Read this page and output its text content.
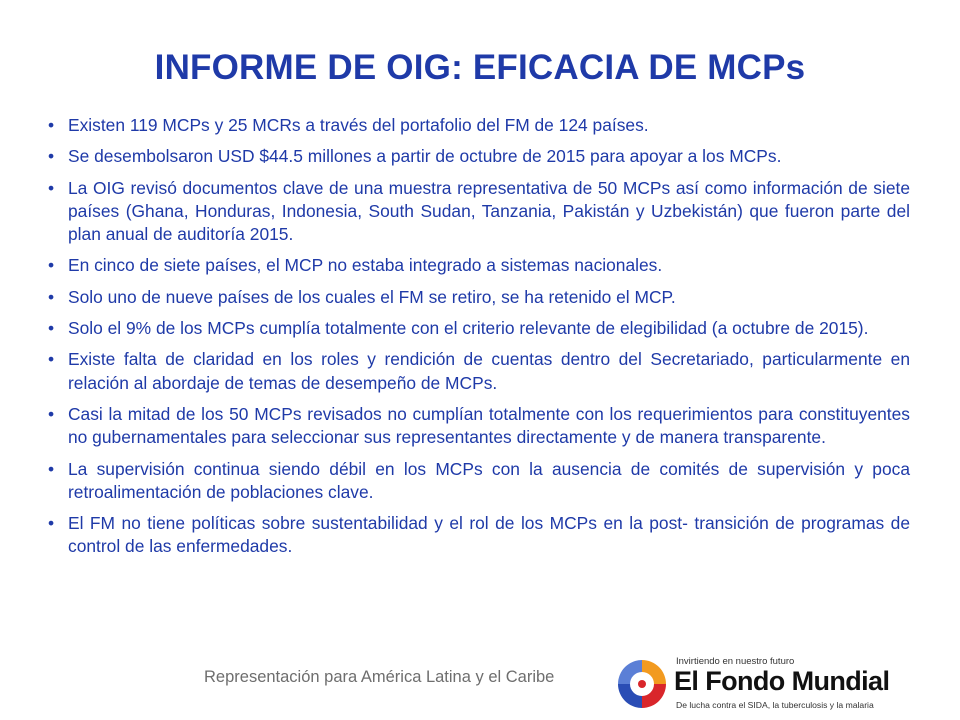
INFORME DE OIG: EFICACIA DE MCPs
• Existen 119 MCPs y 25 MCRs a través del portafolio del FM de 124 países.
• Se desembolsaron USD $44.5 millones a partir de octubre de 2015 para apoyar a los MCPs.
• La OIG revisó documentos clave de una muestra representativa de 50 MCPs así como información de siete países (Ghana, Honduras, Indonesia, South Sudan, Tanzania, Pakistán y Uzbekistán) que fueron parte del plan anual de auditoría 2015.
• En cinco de siete países, el MCP no estaba integrado a sistemas nacionales.
• Solo uno de nueve países de los cuales el FM se retiro, se ha retenido el MCP.
• Solo el 9% de los MCPs cumplía totalmente con el criterio relevante de elegibilidad (a octubre de 2015).
• Existe falta de claridad en los roles y rendición de cuentas dentro del Secretariado, particularmente en relación al abordaje de temas de desempeño de MCPs.
• Casi la mitad de los 50 MCPs revisados no cumplían totalmente con los requerimientos para constituyentes no gubernamentales para seleccionar sus representantes directamente y de manera transparente.
• La supervisión continua siendo débil en los MCPs con la ausencia de comités de supervisión y poca retroalimentación de poblaciones clave.
• El FM no tiene políticas sobre sustentabilidad y el rol de los MCPs en la post- transición de programas de control de las enfermedades.
Representación para América Latina y el Caribe
Invirtiendo en nuestro futuro
El Fondo Mundial
De lucha contra el SIDA, la tuberculosis y la malaria
